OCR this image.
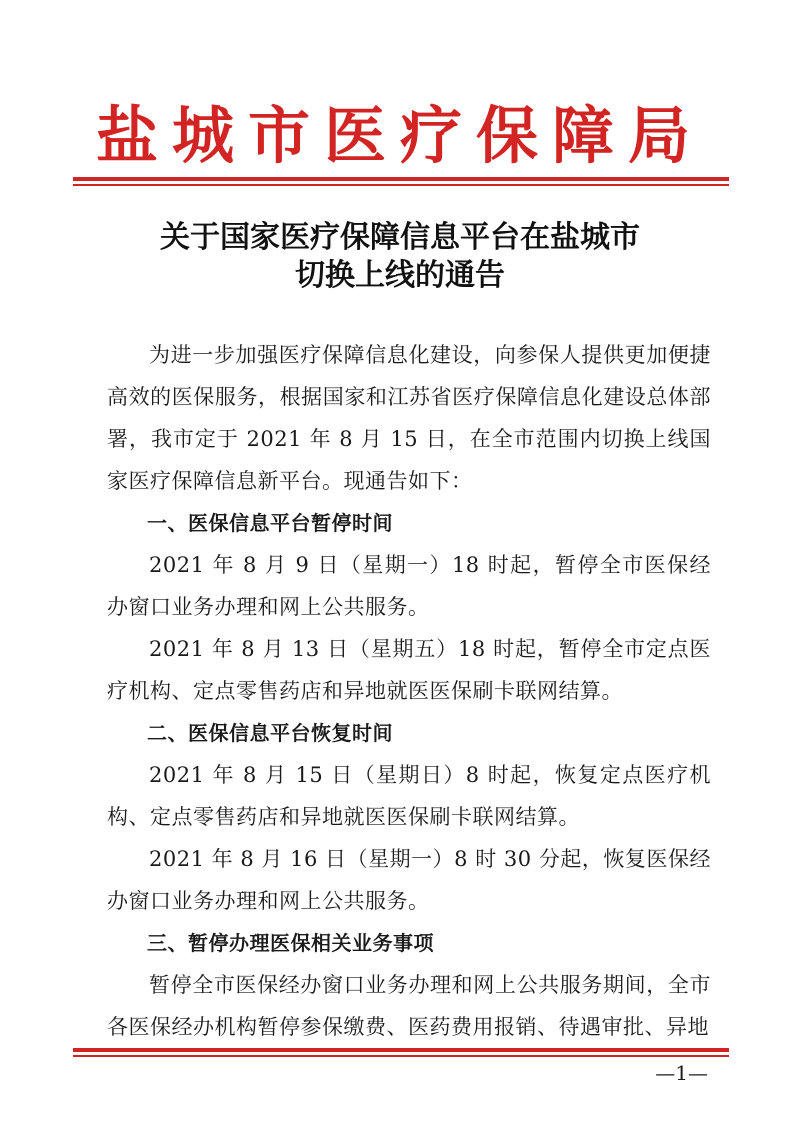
盐城市医疗保障局
关于国家医疗保障信息平台在盐城市
切换上线的通告

为进一步加强医疗保障信息化建设，向参保人提供更加便捷高效的医保服务，根据国家和江苏省医疗保障信息化建设总体部署，我市定于 2021 年 8 月 15 日，在全市范围内切换上线国家医疗保障信息新平台。现通告如下：

一、医保信息平台暂停时间

2021 年 8 月 9 日（星期一）18 时起，暂停全市医保经办窗口业务办理和网上公共服务。

2021 年 8 月 13 日（星期五）18 时起，暂停全市定点医疗机构、定点零售药店和异地就医医保刷卡联网结算。

二、医保信息平台恢复时间

2021 年 8 月 15 日（星期日）8 时起，恢复定点医疗机构、定点零售药店和异地就医医保刷卡联网结算。

2021 年 8 月 16 日（星期一）8 时 30 分起，恢复医保经办窗口业务办理和网上公共服务。

三、暂停办理医保相关业务事项

暂停全市医保经办窗口业务办理和网上公共服务期间，全市各医保经办机构暂停参保缴费、医药费用报销、待遇审批、异地

—1—
